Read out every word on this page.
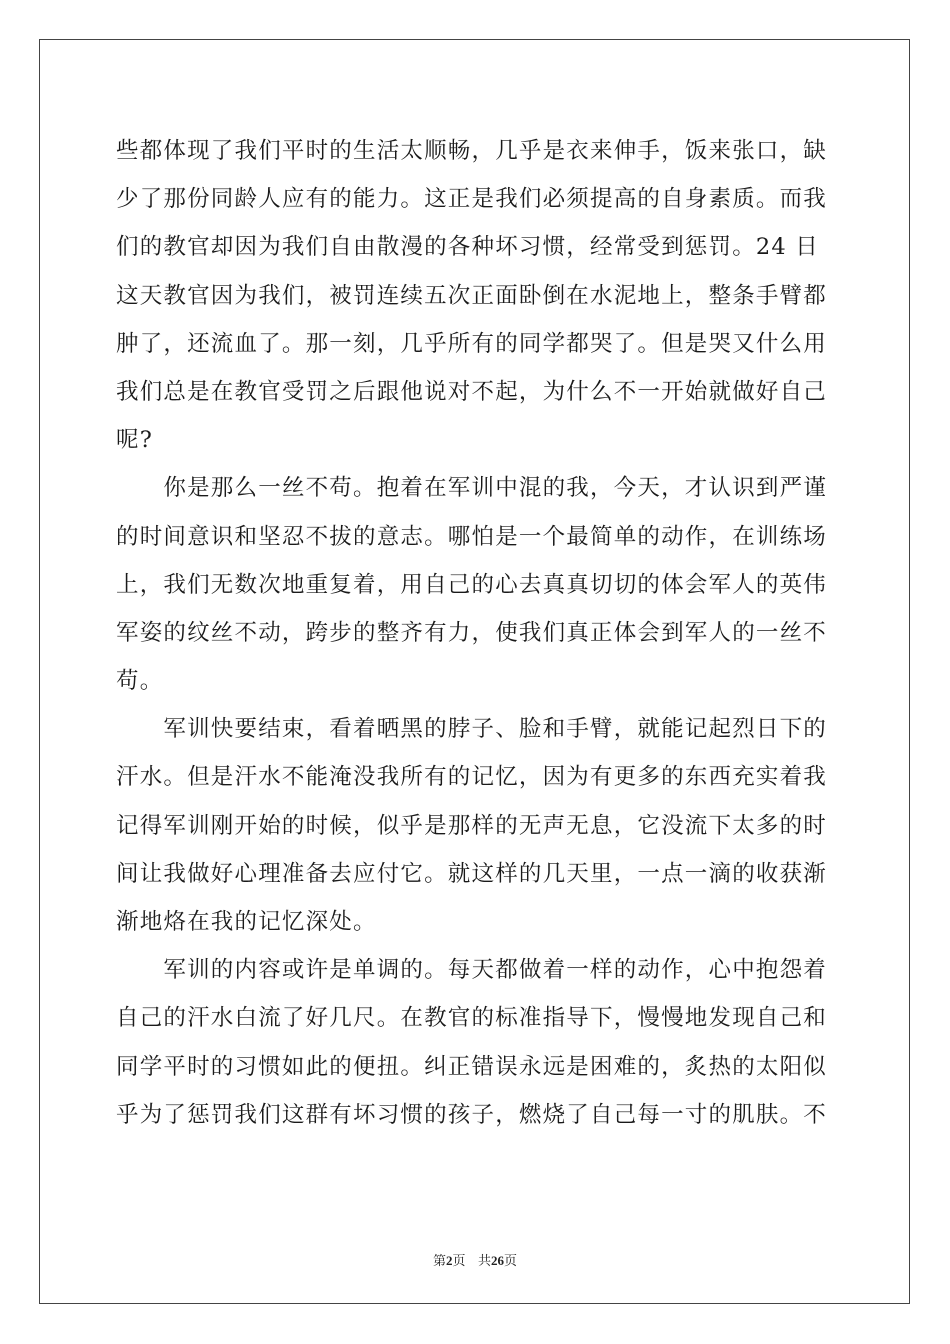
些都体现了我们平时的生活太顺畅，几乎是衣来伸手，饭来张口，缺
少了那份同龄人应有的能力。这正是我们必须提高的自身素质。而我
们的教官却因为我们自由散漫的各种坏习惯，经常受到惩罚。24 日
这天教官因为我们，被罚连续五次正面卧倒在水泥地上，整条手臂都
肿了，还流血了。那一刻，几乎所有的同学都哭了。但是哭又什么用
我们总是在教官受罚之后跟他说对不起，为什么不一开始就做好自己
呢?
　　你是那么一丝不苟。抱着在军训中混的我，今天，才认识到严谨
的时间意识和坚忍不拔的意志。哪怕是一个最简单的动作，在训练场
上，我们无数次地重复着，用自己的心去真真切切的体会军人的英伟
军姿的纹丝不动，跨步的整齐有力，使我们真正体会到军人的一丝不
苟。
　　军训快要结束，看着晒黑的脖子、脸和手臂，就能记起烈日下的
汗水。但是汗水不能淹没我所有的记忆，因为有更多的东西充实着我
记得军训刚开始的时候，似乎是那样的无声无息，它没流下太多的时
间让我做好心理准备去应付它。就这样的几天里，一点一滴的收获渐
渐地烙在我的记忆深处。
　　军训的内容或许是单调的。每天都做着一样的动作，心中抱怨着
自己的汗水白流了好几尺。在教官的标准指导下，慢慢地发现自己和
同学平时的习惯如此的便扭。纠正错误永远是困难的，炙热的太阳似
乎为了惩罚我们这群有坏习惯的孩子，燃烧了自己每一寸的肌肤。不
第2页 共26页
